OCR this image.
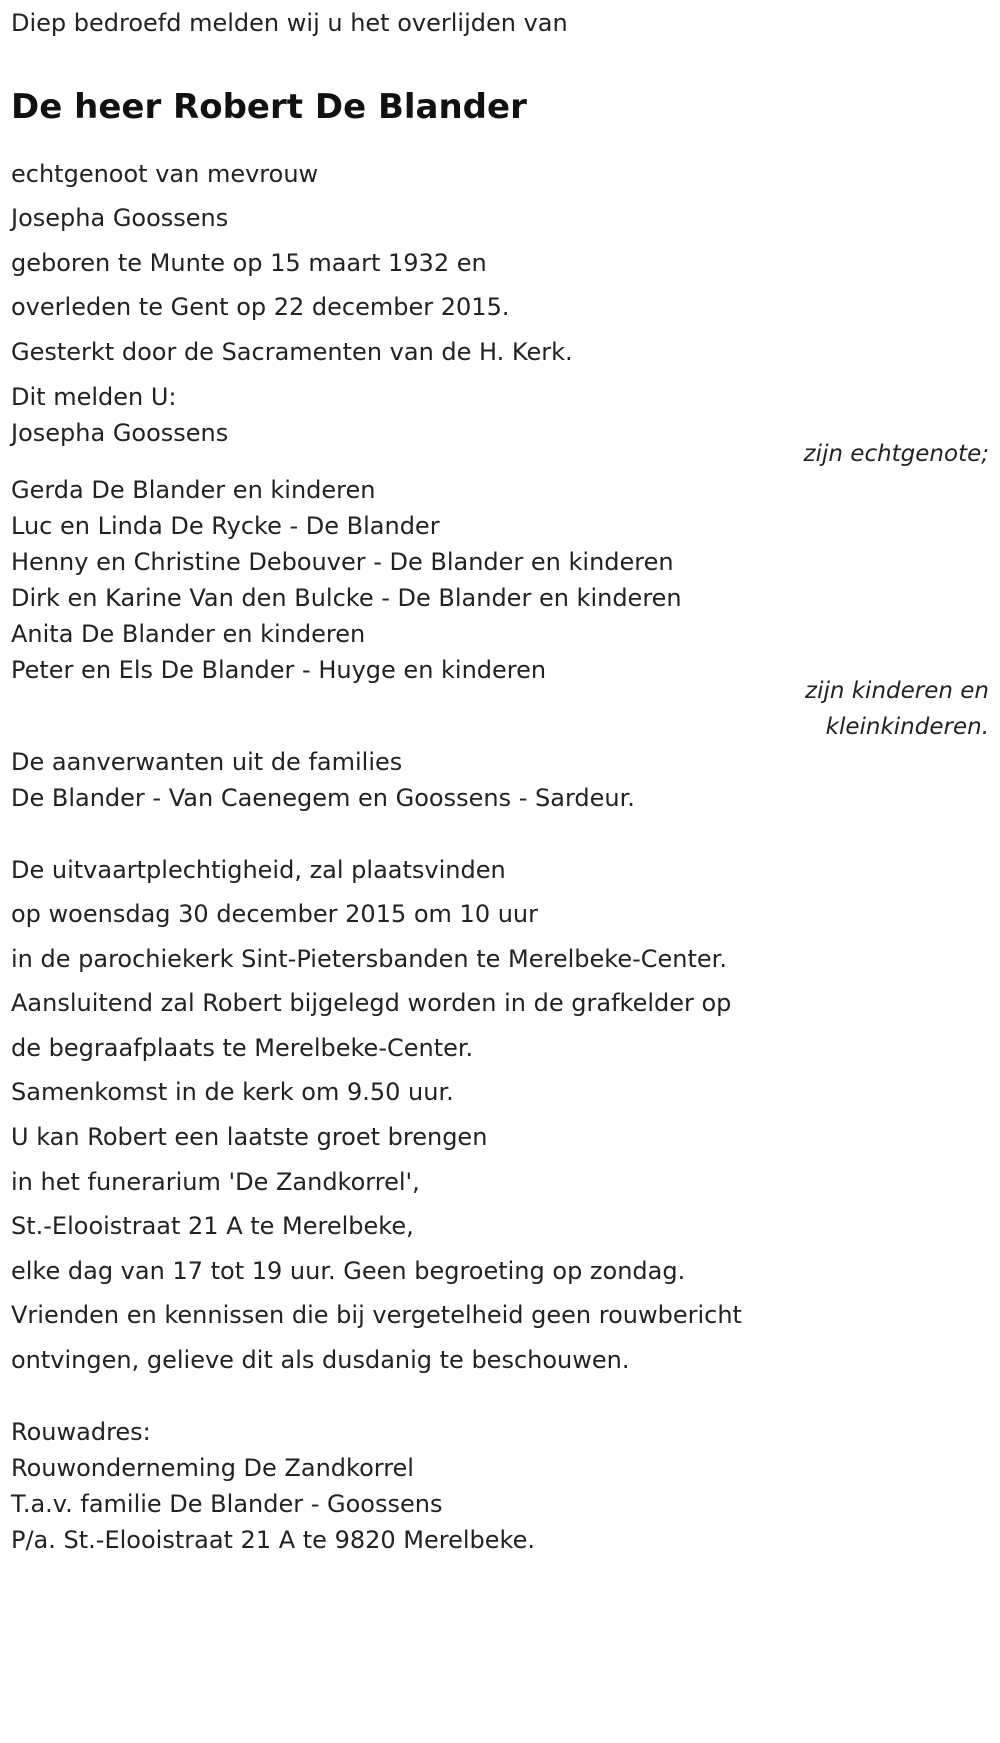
Diep bedroefd melden wij u het overlijden van

De heer Robert De Blander

echtgenoot van mevrouw

Josepha Goossens

geboren te Munte op 15 maart 1932 en

overleden te Gent op 22 december 2015.

Gesterkt door de Sacramenten van de H. Kerk.

Dit melden U:

Josepha Goossens

zijn echtgenote;

Gerda De Blander en kinderen

Luc en Linda De Rycke - De Blander

Henny en Christine Debouver - De Blander en kinderen

Dirk en Karine Van den Bulcke - De Blander en kinderen

Anita De Blander en kinderen

Peter en Els De Blander - Huyge en kinderen

zijn kinderen en

kleinkinderen.

De aanverwanten uit de families

De Blander - Van Caenegem en Goossens - Sardeur.

De uitvaartplechtigheid, zal plaatsvinden

op woensdag 30 december 2015 om 10 uur

in de parochiekerk Sint-Pietersbanden te Merelbeke-Center.

Aansluitend zal Robert bijgelegd worden in de grafkelder op

de begraafplaats te Merelbeke-Center.

Samenkomst in de kerk om 9.50 uur.

U kan Robert een laatste groet brengen

in het funerarium 'De Zandkorrel',

St.-Elooistraat 21 A te Merelbeke,

elke dag van 17 tot 19 uur. Geen begroeting op zondag.

Vrienden en kennissen die bij vergetelheid geen rouwbericht

ontvingen, gelieve dit als dusdanig te beschouwen.

Rouwadres:

Rouwonderneming De Zandkorrel

T.a.v. familie De Blander - Goossens

P/a. St.-Elooistraat 21 A te 9820 Merelbeke.
